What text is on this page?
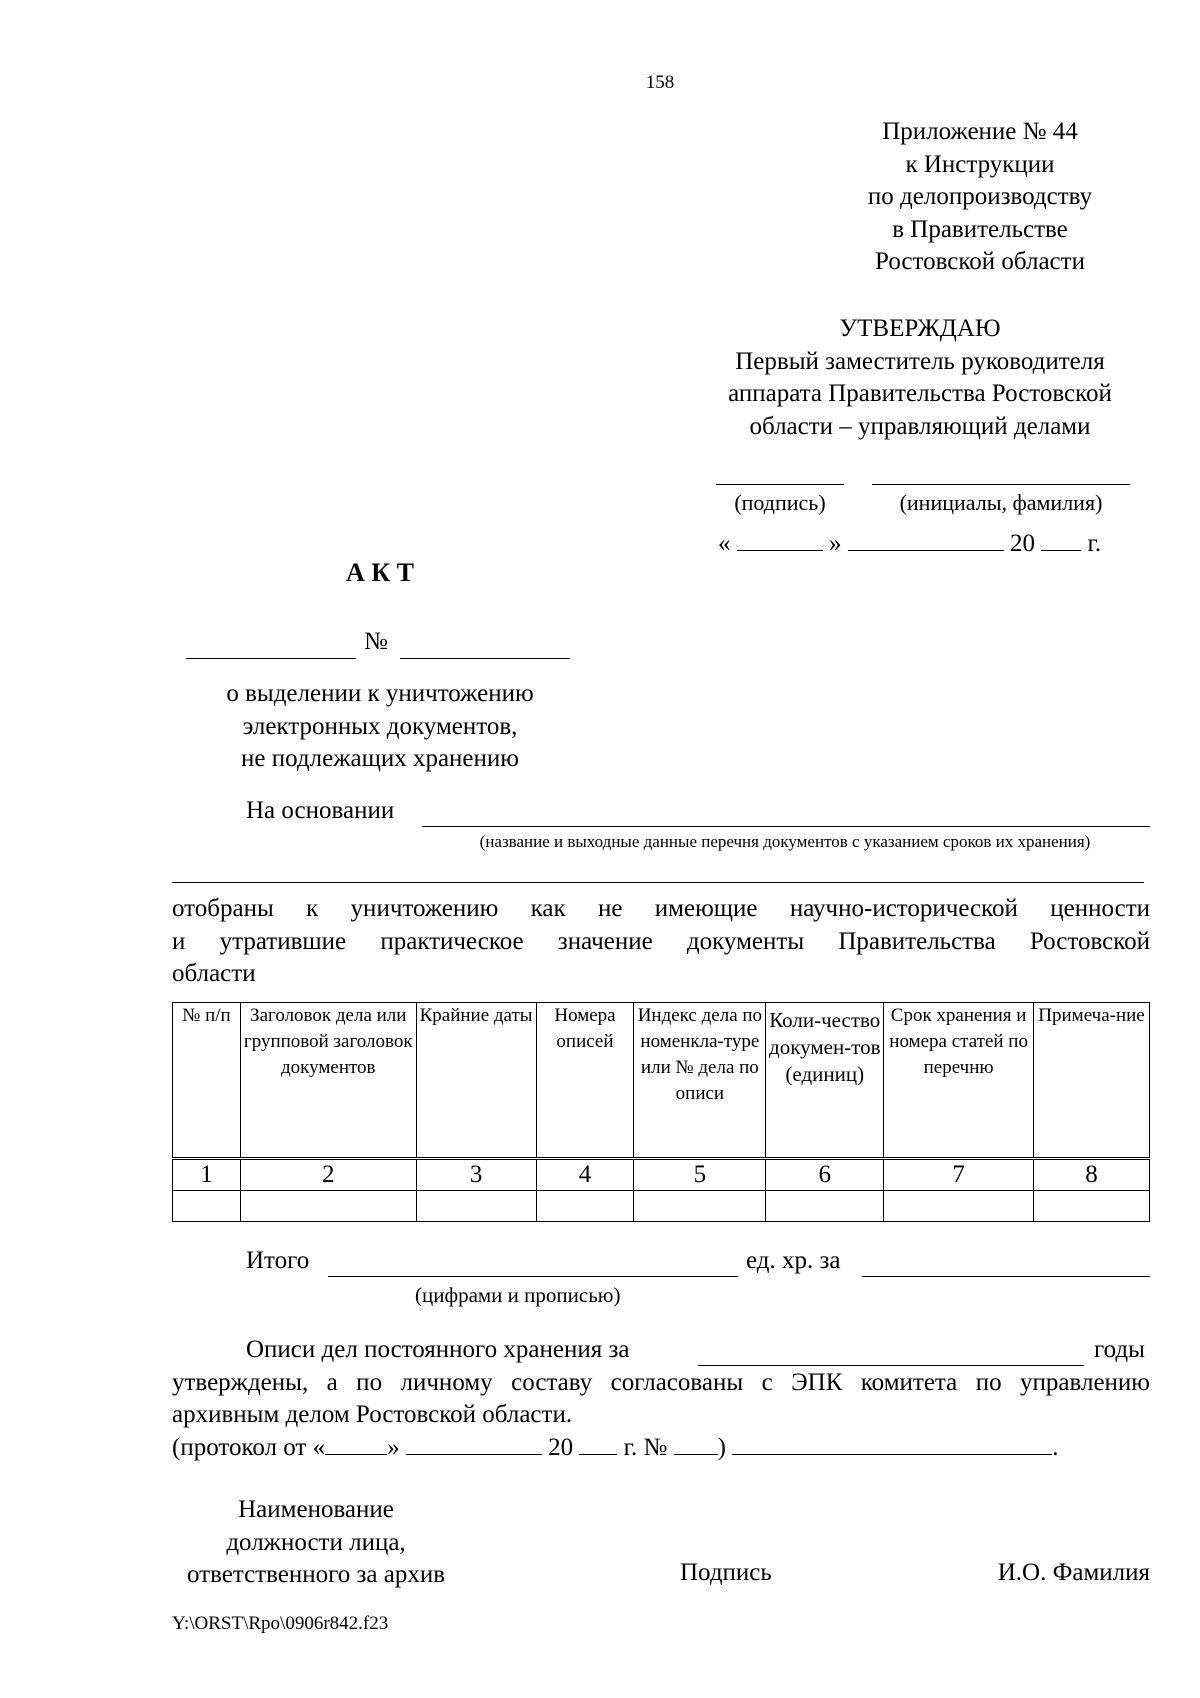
158
Приложение № 44
к Инструкции
по делопроизводству
в Правительстве
Ростовской области
УТВЕРЖДАЮ
Первый заместитель руководителя
аппарата Правительства Ростовской
области – управляющий делами
(подпись)	(инициалы, фамилия)
«	»	20 г.
А К Т
№
о выделении к уничтожению
электронных документов,
не подлежащих хранению
На основании
(название и выходные данные перечня документов с указанием сроков их хранения)
отобраны к уничтожению как не имеющие научно-исторической ценности
и утратившие практическое значение документы Правительства Ростовской
области
№ п/п	Заголовок дела или групповой заголовок документов	Крайние даты	Номера описей	Индекс дела по номенкла-туре или № дела по описи	Коли-чество докумен-тов (единиц)	Срок хранения и номера статей по перечню	Примеча-ние
1	2	3	4	5	6	7	8

Итого	ед. хр. за
(цифрами и прописью)
Описи дел постоянного хранения за	годы
утверждены, а по личному составу согласованы с ЭПК комитета по управлению
архивным делом Ростовской области.
(протокол от « »	20 г. № )	.
Наименование
должности лица,
ответственного за архив	Подпись	И.О. Фамилия
Y:\ORST\Rpo\0906r842.f23
